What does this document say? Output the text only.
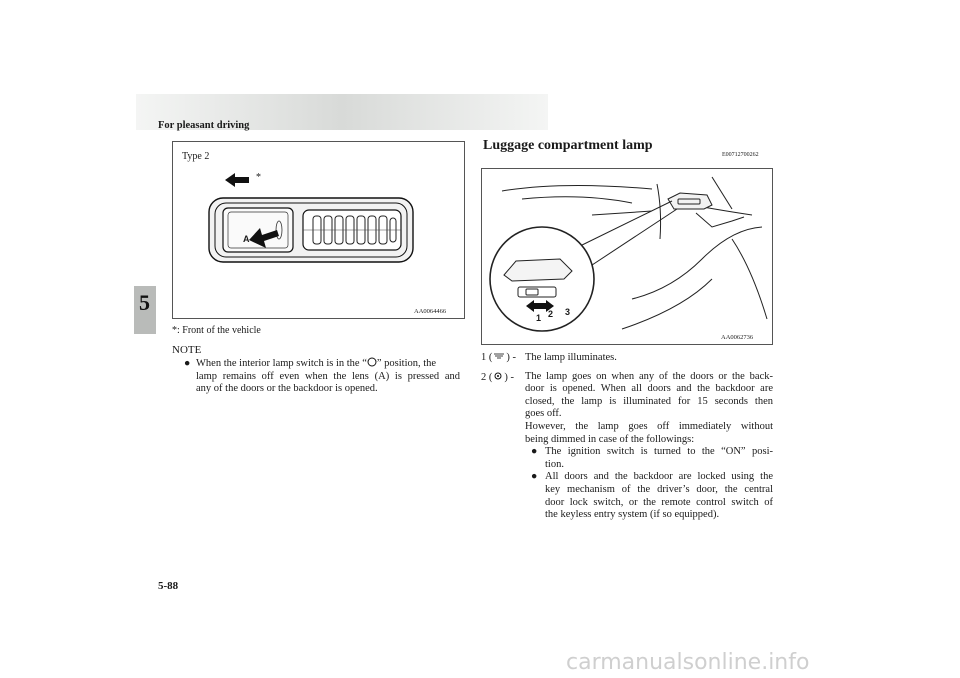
For pleasant driving
5
Type 2
*
A
AA0064466
*: Front of the vehicle
NOTE
● When the interior lamp switch is in the “ ” position, the
lamp remains off even when the lens (A) is pressed and
any of the doors or the backdoor is opened.
Luggage compartment lamp
E00712700262
1 2 3
AA0062736
1 ( ) - The lamp illuminates.
2 ( ) -	The lamp goes on when any of the doors or the back-
door is opened. When all doors and the backdoor are
closed, the lamp is illuminated for 15 seconds then
goes off.
However, the lamp goes off immediately without
being dimmed in case of the followings:
● The ignition switch is turned to the “ON” posi-
tion.
● All doors and the backdoor are locked using the
key mechanism of the driver’s door, the central
door lock switch, or the remote control switch of
the keyless entry system (if so equipped).
5-88
carmanualsonline.info
